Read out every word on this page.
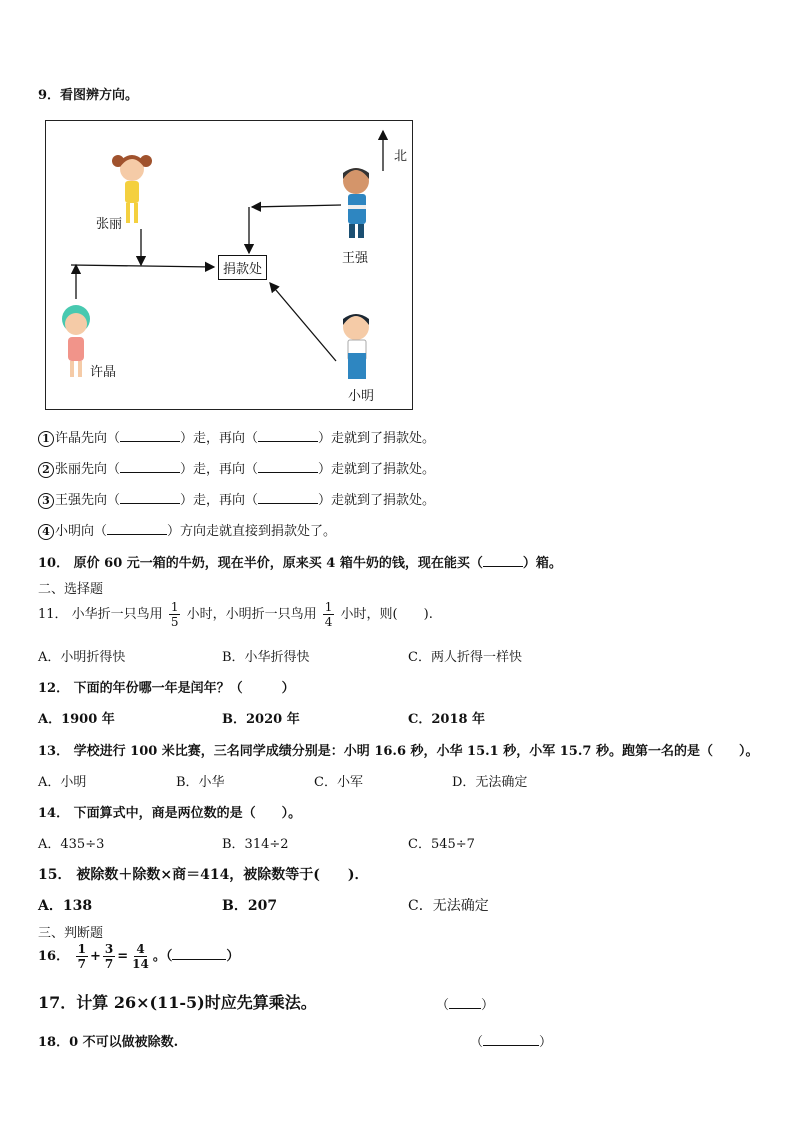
9．看图辨方向。
北
捐款处
张丽
王强
许晶
小明
1 许晶先向（	）走，再向（	）走就到了捐款处。
2 张丽先向（	）走，再向（	）走就到了捐款处。
3 王强先向（	）走，再向（	）走就到了捐款处。
4 小明向（	）方向走就直接到捐款处了。
10． 原价 60 元一箱的牛奶，现在半价，原来买 4 箱牛奶的钱，现在能买（	）箱。
二、选择题
11． 小华折一只鸟用 $\frac{1}{5}$ 小时，小明折一只鸟用 $\frac{1}{4}$ 小时，则(　　).
A．小明折得快	B．小华折得快	C．两人折得一样快
12． 下面的年份哪一年是闰年？（　　　）
A．1900 年	B．2020 年	C．2018 年
13． 学校进行 100 米比赛，三名同学成绩分别是：小明 16.6 秒，小华 15.1 秒，小军 15.7 秒。跑第一名的是（　　）。
A．小明	B．小华	C．小军	D．无法确定
14． 下面算式中，商是两位数的是（　　）。
A．435÷3	B．314÷2	C．545÷7
15． 被除数＋除数×商＝414，被除数等于(　　)．
A．138	B．207	C．无法确定
三、判断题
16． $\frac{1}{7} + \frac{3}{7} = \frac{4}{14}$ 。（	）
17．计算 26×(11-5)时应先算乘法。	（ ）
18．0 不可以做被除数.	（	）
